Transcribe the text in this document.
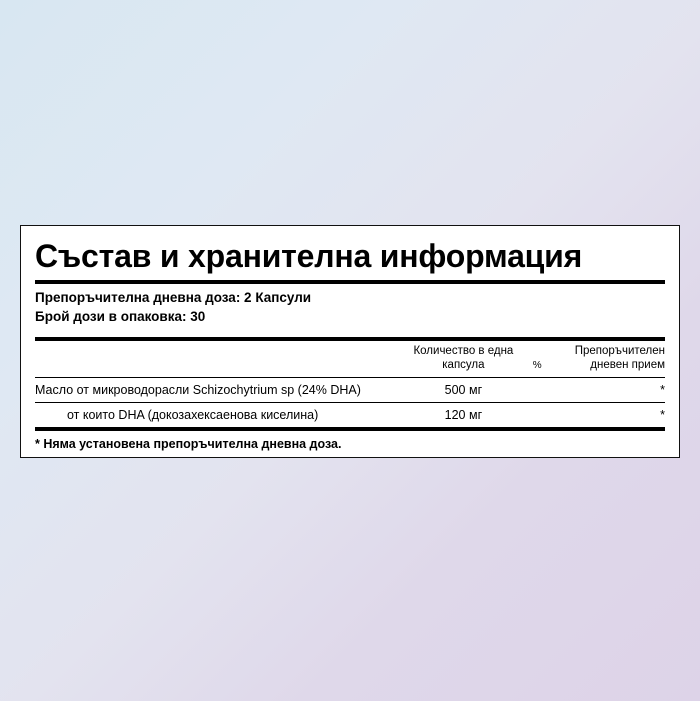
Състав и хранителна информация
Препоръчителна дневна доза: 2 Капсули
Брой дози в опаковка: 30
	Количество в една капсула	%	Препоръчителен дневен прием
Масло от микроводорасли Schizochytrium sp (24% DHA)	500 мг		*
от които DHA (докозахексаенова киселина)	120 мг		*
* Няма установена препоръчителна дневна доза.
